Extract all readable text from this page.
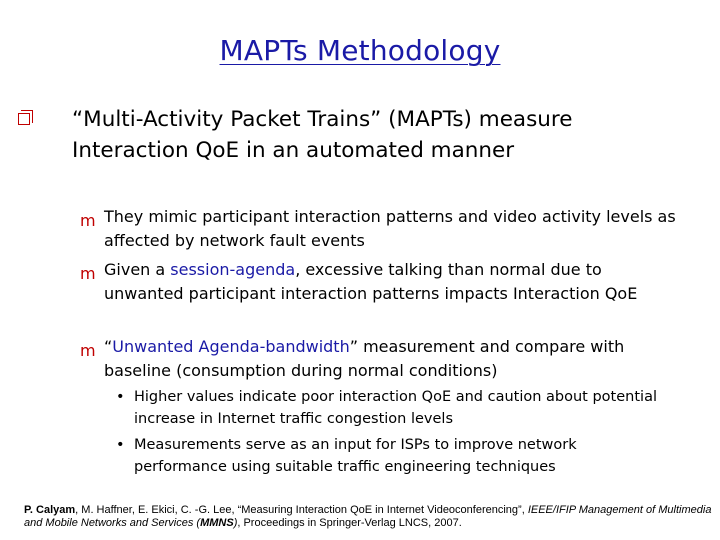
MAPTs Methodology
“Multi-Activity Packet Trains” (MAPTs) measure Interaction QoE in an automated manner
m They mimic participant interaction patterns and video activity levels as affected by network fault events
m Given a session-agenda, excessive talking than normal due to unwanted participant interaction patterns impacts Interaction QoE
m “Unwanted Agenda-bandwidth” measurement and compare with baseline (consumption during normal conditions)
• Higher values indicate poor interaction QoE and caution about potential increase in Internet traffic congestion levels
• Measurements serve as an input for ISPs to improve network performance using suitable traffic engineering techniques
P. Calyam, M. Haffner, E. Ekici, C. -G. Lee, “Measuring Interaction QoE in Internet Videoconferencing”, IEEE/IFIP Management of Multimedia and Mobile Networks and Services (MMNS), Proceedings in Springer-Verlag LNCS, 2007.
